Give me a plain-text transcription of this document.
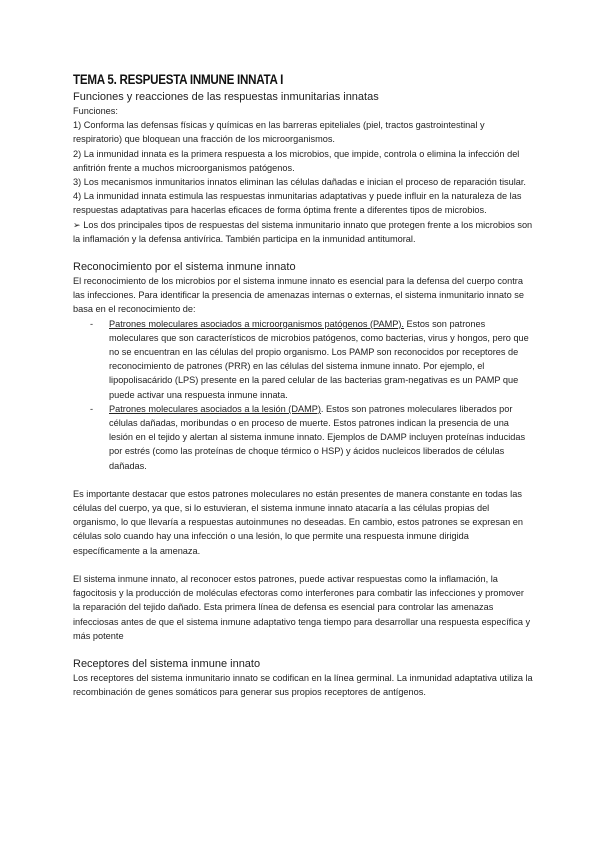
TEMA 5. RESPUESTA INMUNE INNATA I
Funciones y reacciones de las respuestas inmunitarias innatas
Funciones:
1) Conforma las defensas físicas y químicas en las barreras epiteliales (piel, tractos gastrointestinal y respiratorio) que bloquean una fracción de los microorganismos.
2) La inmunidad innata es la primera respuesta a los microbios, que impide, controla o elimina la infección del anfitrión frente a muchos microorganismos patógenos.
3) Los mecanismos inmunitarios innatos eliminan las células dañadas e inician el proceso de reparación tisular.
4) La inmunidad innata estimula las respuestas inmunitarias adaptativas y puede influir en la naturaleza de las respuestas adaptativas para hacerlas eficaces de forma óptima frente a diferentes tipos de microbios.
➢ Los dos principales tipos de respuestas del sistema inmunitario innato que protegen frente a los microbios son la inflamación y la defensa antivírica. También participa en la inmunidad antitumoral.
Reconocimiento por el sistema inmune innato
El reconocimiento de los microbios por el sistema inmune innato es esencial para la defensa del cuerpo contra las infecciones. Para identificar la presencia de amenazas internas o externas, el sistema inmunitario innato se basa en el reconocimiento de:
- Patrones moleculares asociados a microorganismos patógenos (PAMP). Estos son patrones moleculares que son característicos de microbios patógenos, como bacterias, virus y hongos, pero que no se encuentran en las células del propio organismo. Los PAMP son reconocidos por receptores de reconocimiento de patrones (PRR) en las células del sistema inmune innato. Por ejemplo, el lipopolisacárido (LPS) presente en la pared celular de las bacterias gram-negativas es un PAMP que puede activar una respuesta inmune innata.
- Patrones moleculares asociados a la lesión (DAMP). Estos son patrones moleculares liberados por células dañadas, moribundas o en proceso de muerte. Estos patrones indican la presencia de una lesión en el tejido y alertan al sistema inmune innato. Ejemplos de DAMP incluyen proteínas inducidas por estrés (como las proteínas de choque térmico o HSP) y ácidos nucleicos liberados de células dañadas.
Es importante destacar que estos patrones moleculares no están presentes de manera constante en todas las células del cuerpo, ya que, si lo estuvieran, el sistema inmune innato atacaría a las células propias del organismo, lo que llevaría a respuestas autoinmunes no deseadas. En cambio, estos patrones se expresan en células solo cuando hay una infección o una lesión, lo que permite una respuesta inmune dirigida específicamente a la amenaza.
El sistema inmune innato, al reconocer estos patrones, puede activar respuestas como la inflamación, la fagocitosis y la producción de moléculas efectoras como interferones para combatir las infecciones y promover la reparación del tejido dañado. Esta primera línea de defensa es esencial para controlar las amenazas infecciosas antes de que el sistema inmune adaptativo tenga tiempo para desarrollar una respuesta específica y más potente
Receptores del sistema inmune innato
Los receptores del sistema inmunitario innato se codifican en la línea germinal. La inmunidad adaptativa utiliza la recombinación de genes somáticos para generar sus propios receptores de antígenos.
